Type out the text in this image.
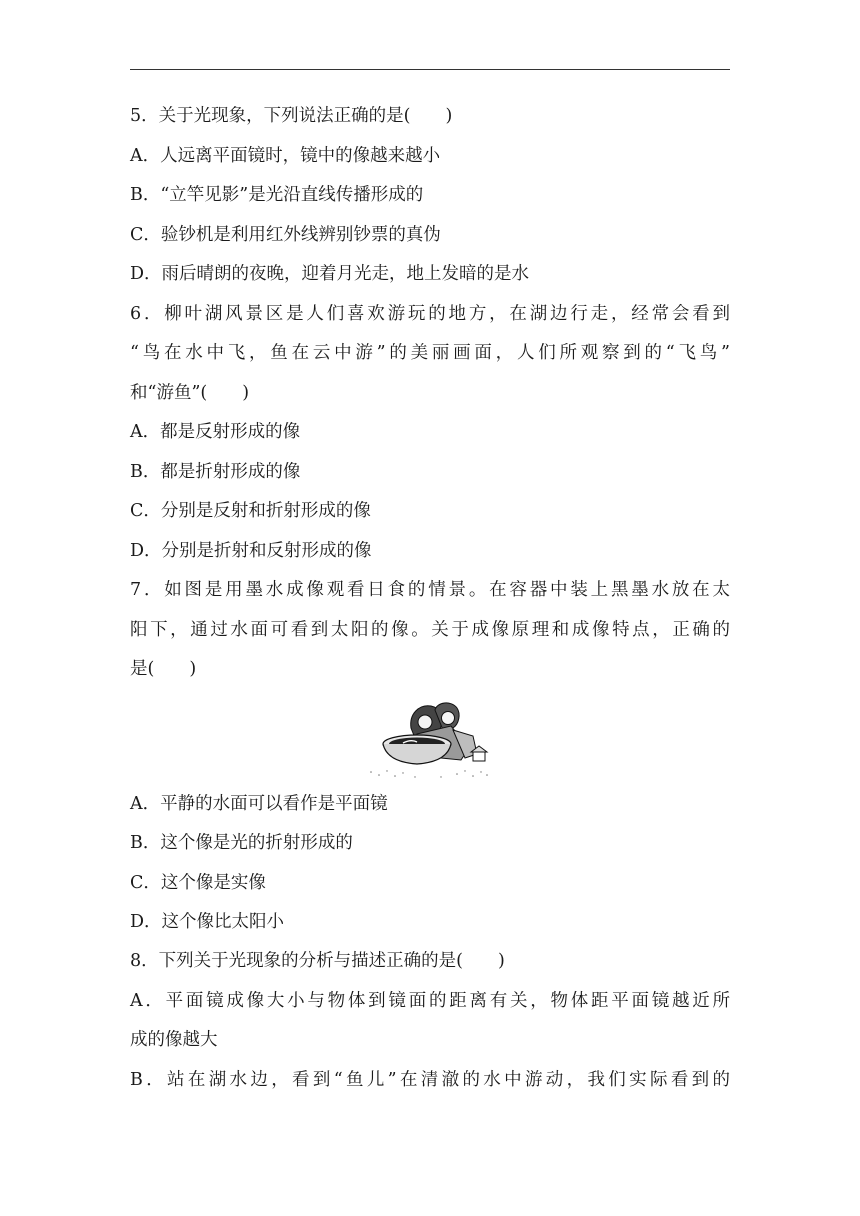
5．关于光现象，下列说法正确的是(　　)
A．人远离平面镜时，镜中的像越来越小
B．“立竿见影”是光沿直线传播形成的
C．验钞机是利用红外线辨别钞票的真伪
D．雨后晴朗的夜晚，迎着月光走，地上发暗的是水
6．柳叶湖风景区是人们喜欢游玩的地方，在湖边行走，经常会看到
“鸟在水中飞，鱼在云中游”的美丽画面，人们所观察到的“飞鸟”
和“游鱼”(　　)
A．都是反射形成的像
B．都是折射形成的像
C．分别是反射和折射形成的像
D．分别是折射和反射形成的像
7．如图是用墨水成像观看日食的情景。在容器中装上黑墨水放在太
阳下，通过水面可看到太阳的像。关于成像原理和成像特点，正确的
是(　　)
A．平静的水面可以看作是平面镜
B．这个像是光的折射形成的
C．这个像是实像
D．这个像比太阳小
8．下列关于光现象的分析与描述正确的是(　　)
A．平面镜成像大小与物体到镜面的距离有关，物体距平面镜越近所
成的像越大
B．站在湖水边，看到“鱼儿”在清澈的水中游动，我们实际看到的
